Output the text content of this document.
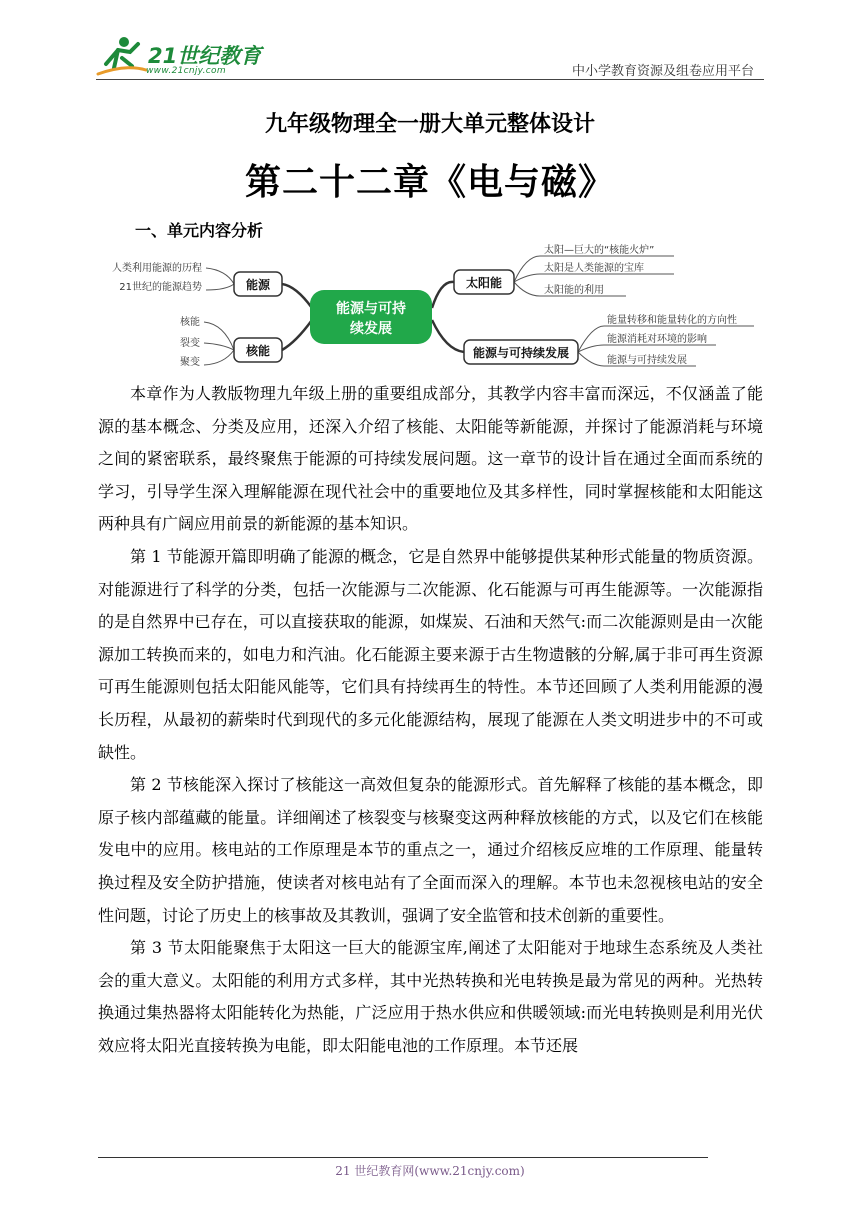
21世纪教育
www.21cnjy.com	中小学教育资源及组卷应用平台
九年级物理全一册大单元整体设计
第二十二章《电与磁》
一、单元内容分析
能源与可持
续发展
能源
核能
太阳能
能源与可持续发展
人类利用能源的历程
21世纪的能源趋势
核能
裂变
聚变
太阳—巨大的“核能火炉”
太阳是人类能源的宝库
太阳能的利用
能量转移和能量转化的方向性
能源消耗对环境的影响
能源与可持续发展

本章作为人教版物理九年级上册的重要组成部分，其教学内容丰富而深远，不仅涵盖了能源的基本概念、分类及应用，还深入介绍了核能、太阳能等新能源，并探讨了能源消耗与环境之间的紧密联系，最终聚焦于能源的可持续发展问题。这一章节的设计旨在通过全面而系统的学习，引导学生深入理解能源在现代社会中的重要地位及其多样性，同时掌握核能和太阳能这两种具有广阔应用前景的新能源的基本知识。

第 1 节能源开篇即明确了能源的概念，它是自然界中能够提供某种形式能量的物质资源。对能源进行了科学的分类，包括一次能源与二次能源、化石能源与可再生能源等。一次能源指的是自然界中已存在，可以直接获取的能源，如煤炭、石油和天然气:而二次能源则是由一次能源加工转换而来的，如电力和汽油。化石能源主要来源于古生物遗骸的分解,属于非可再生资源 可再生能源则包括太阳能风能等，它们具有持续再生的特性。本节还回顾了人类利用能源的漫长历程，从最初的薪柴时代到现代的多元化能源结构，展现了能源在人类文明进步中的不可或缺性。

第 2 节核能深入探讨了核能这一高效但复杂的能源形式。首先解释了核能的基本概念，即原子核内部蕴藏的能量。详细阐述了核裂变与核聚变这两种释放核能的方式，以及它们在核能发电中的应用。核电站的工作原理是本节的重点之一，通过介绍核反应堆的工作原理、能量转换过程及安全防护措施，使读者对核电站有了全面而深入的理解。本节也未忽视核电站的安全性问题，讨论了历史上的核事故及其教训，强调了安全监管和技术创新的重要性。

第 3 节太阳能聚焦于太阳这一巨大的能源宝库,阐述了太阳能对于地球生态系统及人类社会的重大意义。太阳能的利用方式多样，其中光热转换和光电转换是最为常见的两种。光热转换通过集热器将太阳能转化为热能，广泛应用于热水供应和供暖领域:而光电转换则是利用光伏效应将太阳光直接转换为电能，即太阳能电池的工作原理。本节还展

21 世纪教育网(www.21cnjy.com)
